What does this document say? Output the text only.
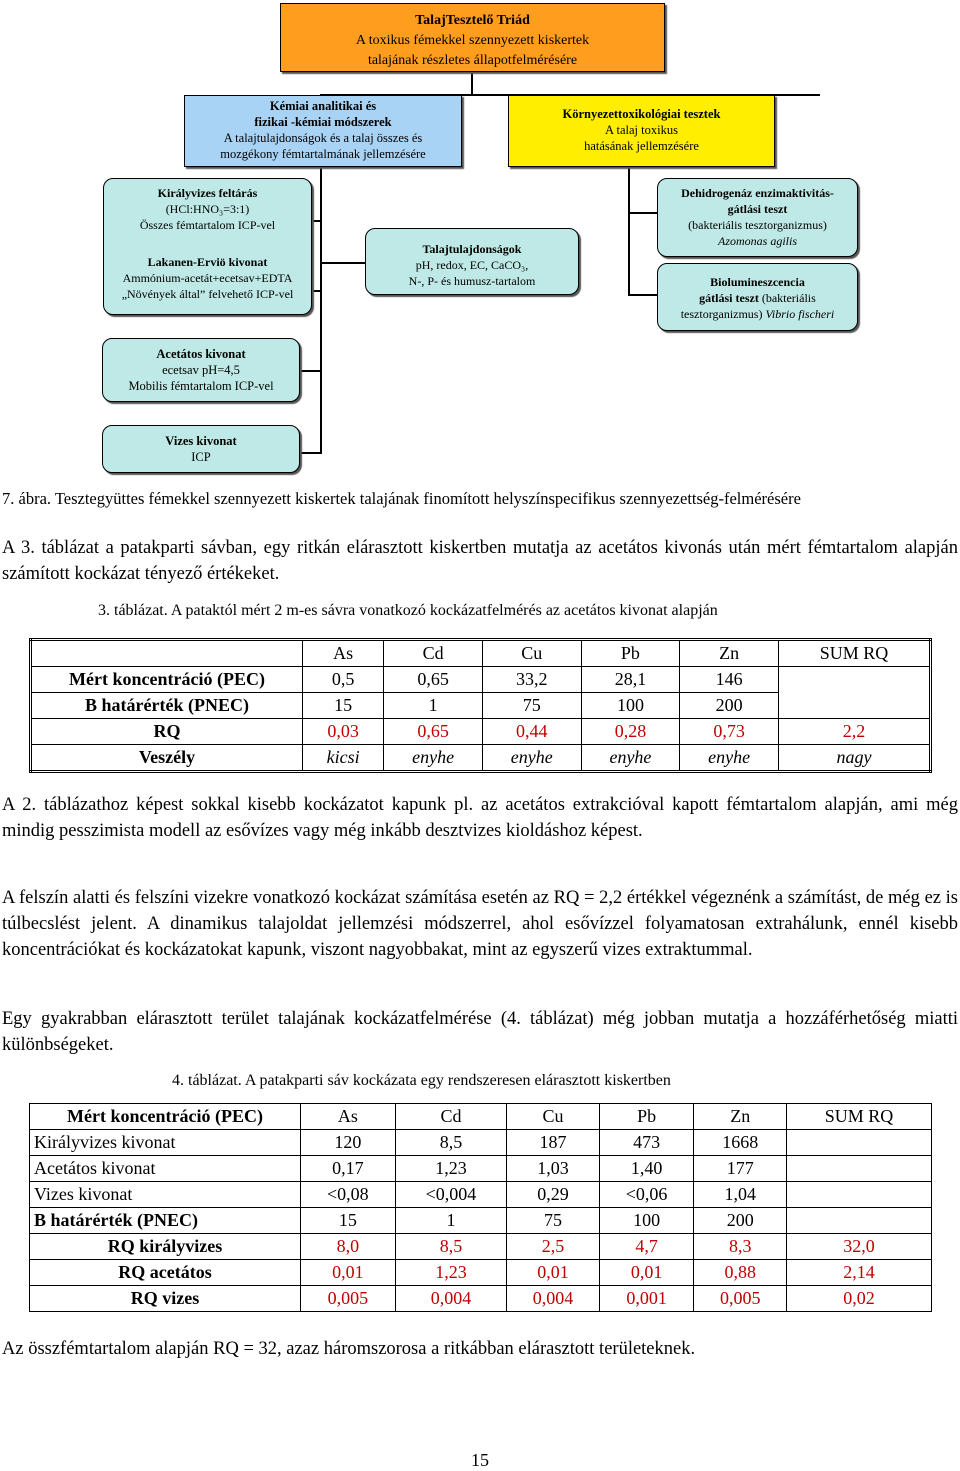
TalajTesztelő Triád
A toxikus fémekkel szennyezett kiskertek
talajának részletes állapotfelmérésére
Kémiai analitikai és
fizikai -kémiai módszerek
A talajtulajdonságok és a talaj összes és
mozgékony fémtartalmának jellemzésére
Környezettoxikológiai tesztek
A talaj toxikus
hatásának jellemzésére
Királyvizes feltárás
(HCl:HNO₃=3:1)
Összes fémtartalom ICP-vel
Lakanen-Erviö kivonat
Ammónium-acetát+ecetsav+EDTA
„Növények által” felvehető ICP-vel
Talajtulajdonságok
pH, redox, EC, CaCO₃,
N-, P- és humusz-tartalom
Dehidrogenáz enzimaktivitás-
gátlási teszt
(bakteriális tesztorganizmus)
Azomonas agilis
Biolumineszcencia
gátlási teszt (bakteriális
tesztorganizmus) Vibrio fischeri
Acetátos kivonat
ecetsav pH=4,5
Mobilis fémtartalom ICP-vel
Vizes kivonat
ICP
7. ábra. Tesztegyüttes fémekkel szennyezett kiskertek talajának finomított helyszínspecifikus szennyezettség-felmérésére
A 3. táblázat a patakparti sávban, egy ritkán elárasztott kiskertben mutatja az acetátos kivonás után mért fémtartalom alapján számított kockázat tényező értékeket.
3. táblázat. A pataktól mért 2 m-es sávra vonatkozó kockázatfelmérés az acetátos kivonat alapján
	As	Cd	Cu	Pb	Zn	SUM RQ
Mért koncentráció (PEC)	0,5	0,65	33,2	28,1	146	
B határérték (PNEC)	15	1	75	100	200	
RQ	0,03	0,65	0,44	0,28	0,73	2,2
Veszély	kicsi	enyhe	enyhe	enyhe	enyhe	nagy
A 2. táblázathoz képest sokkal kisebb kockázatot kapunk pl. az acetátos extrakcióval kapott fémtartalom alapján, ami még mindig pesszimista modell az esővízes vagy még inkább desztvizes kioldáshoz képest.
A felszín alatti és felszíni vizekre vonatkozó kockázat számítása esetén az RQ = 2,2 értékkel végeznénk a számítást, de még ez is túlbecslést jelent. A dinamikus talajoldat jellemzési módszerrel, ahol esővízzel folyamatosan extrahálunk, ennél kisebb koncentrációkat és kockázatokat kapunk, viszont nagyobbakat, mint az egyszerű vizes extraktummal.
Egy gyakrabban elárasztott terület talajának kockázatfelmérése (4. táblázat) még jobban mutatja a hozzáférhetőség miatti különbségeket.
4. táblázat. A patakparti sáv kockázata egy rendszeresen elárasztott kiskertben
Mért koncentráció (PEC)	As	Cd	Cu	Pb	Zn	SUM RQ
Királyvizes kivonat	120	8,5	187	473	1668	
Acetátos kivonat	0,17	1,23	1,03	1,40	177	
Vizes kivonat	<0,08	<0,004	0,29	<0,06	1,04	
B határérték (PNEC)	15	1	75	100	200	
RQ királyvizes	8,0	8,5	2,5	4,7	8,3	32,0
RQ acetátos	0,01	1,23	0,01	0,01	0,88	2,14
RQ vizes	0,005	0,004	0,004	0,001	0,005	0,02
Az összfémtartalom alapján RQ = 32, azaz háromszorosa a ritkábban elárasztott területeknek.
15
